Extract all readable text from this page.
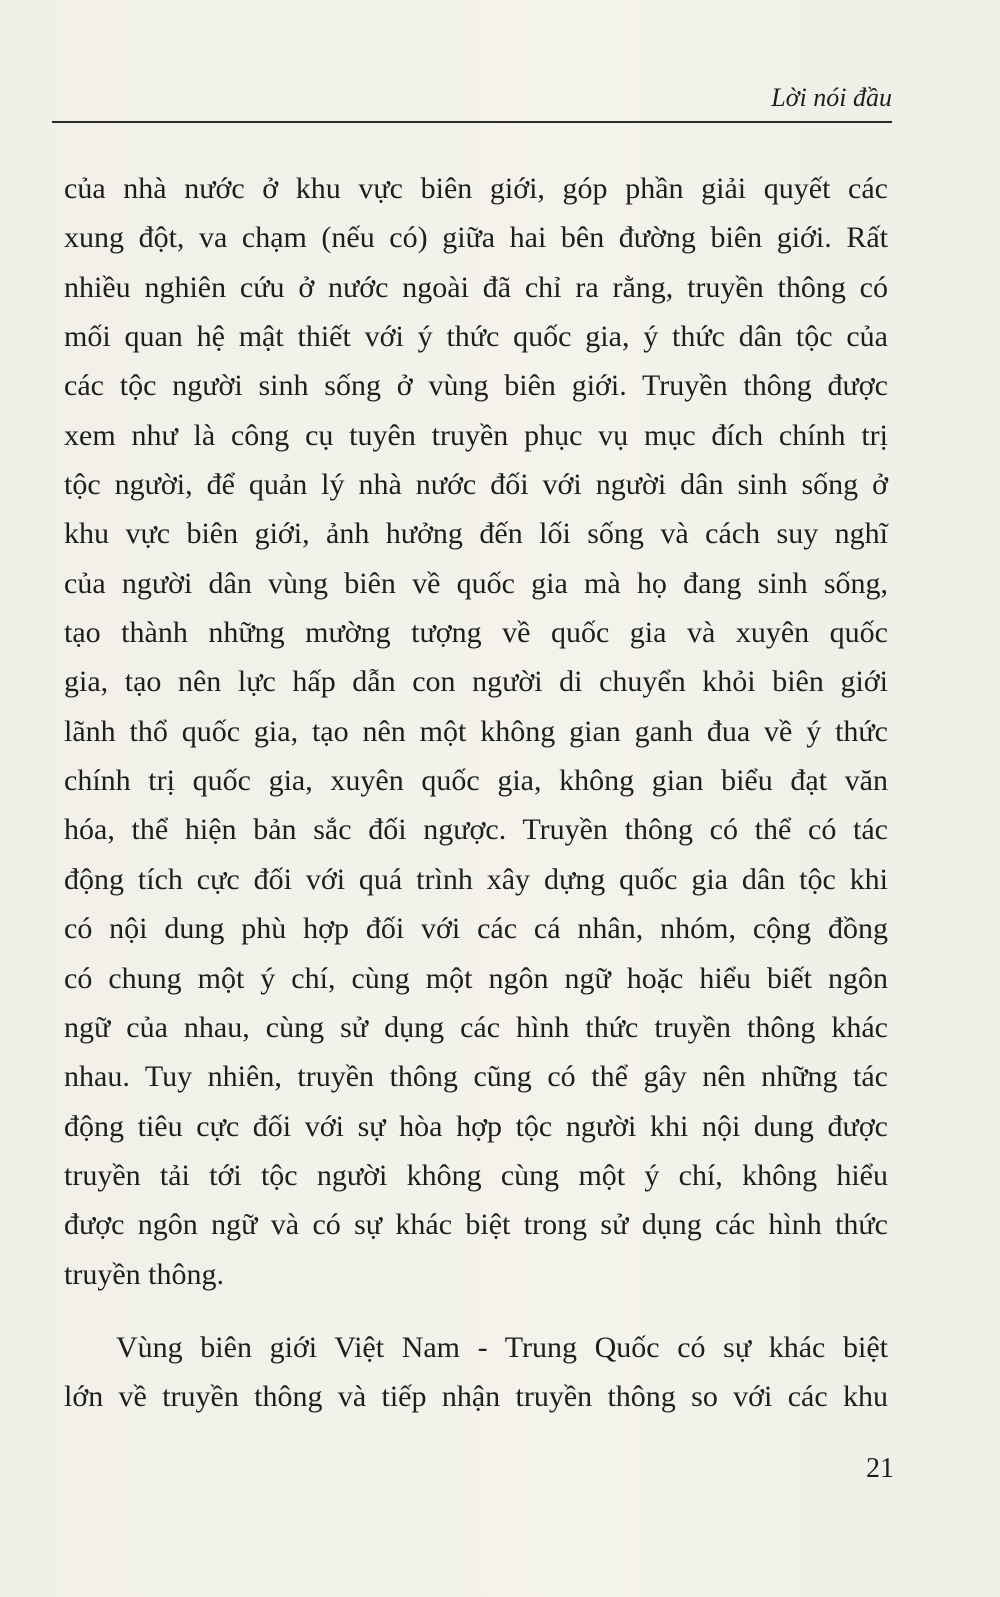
Lời nói đầu

của nhà nước ở khu vực biên giới, góp phần giải quyết các
xung đột, va chạm (nếu có) giữa hai bên đường biên giới. Rất
nhiều nghiên cứu ở nước ngoài đã chỉ ra rằng, truyền thông có
mối quan hệ mật thiết với ý thức quốc gia, ý thức dân tộc của
các tộc người sinh sống ở vùng biên giới. Truyền thông được
xem như là công cụ tuyên truyền phục vụ mục đích chính trị
tộc người, để quản lý nhà nước đối với người dân sinh sống ở
khu vực biên giới, ảnh hưởng đến lối sống và cách suy nghĩ
của người dân vùng biên về quốc gia mà họ đang sinh sống,
tạo thành những mường tượng về quốc gia và xuyên quốc
gia, tạo nên lực hấp dẫn con người di chuyển khỏi biên giới
lãnh thổ quốc gia, tạo nên một không gian ganh đua về ý thức
chính trị quốc gia, xuyên quốc gia, không gian biểu đạt văn
hóa, thể hiện bản sắc đối ngược. Truyền thông có thể có tác
động tích cực đối với quá trình xây dựng quốc gia dân tộc khi
có nội dung phù hợp đối với các cá nhân, nhóm, cộng đồng
có chung một ý chí, cùng một ngôn ngữ hoặc hiểu biết ngôn
ngữ của nhau, cùng sử dụng các hình thức truyền thông khác
nhau. Tuy nhiên, truyền thông cũng có thể gây nên những tác
động tiêu cực đối với sự hòa hợp tộc người khi nội dung được
truyền tải tới tộc người không cùng một ý chí, không hiểu
được ngôn ngữ và có sự khác biệt trong sử dụng các hình thức
truyền thông.

Vùng biên giới Việt Nam - Trung Quốc có sự khác biệt
lớn về truyền thông và tiếp nhận truyền thông so với các khu

21
